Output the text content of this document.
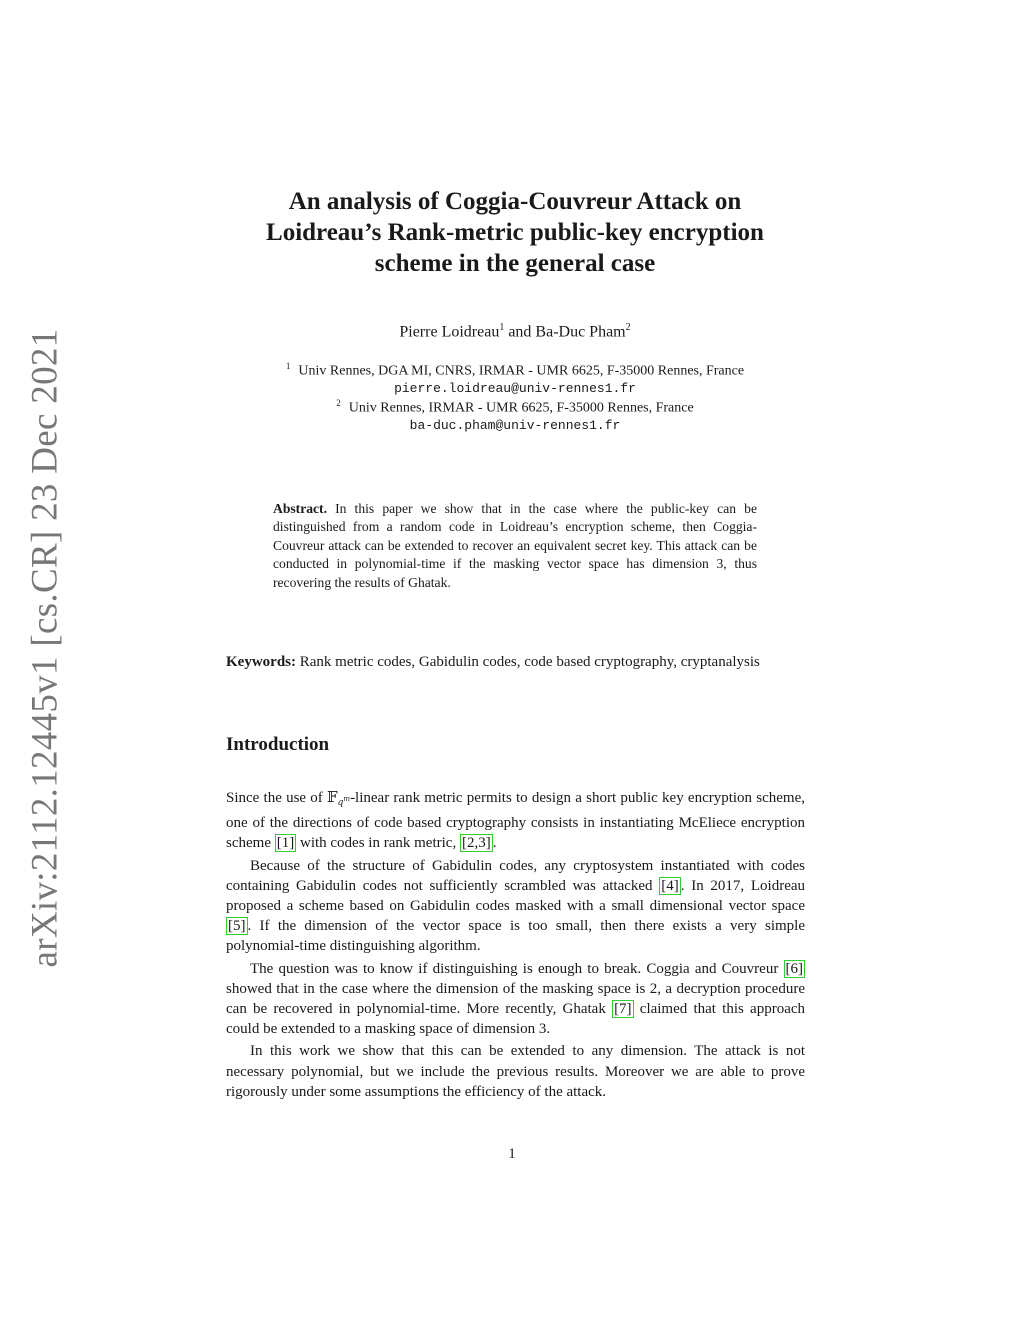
arXiv:2112.12445v1 [cs.CR] 23 Dec 2021
An analysis of Coggia-Couvreur Attack on
Loidreau’s Rank-metric public-key encryption
scheme in the general case
Pierre Loidreau$^1$ and Ba-Duc Pham$^2$
$^1$ Univ Rennes, DGA MI, CNRS, IRMAR - UMR 6625, F-35000 Rennes, France
pierre.loidreau@univ-rennes1.fr
$^2$ Univ Rennes, IRMAR - UMR 6625, F-35000 Rennes, France
ba-duc.pham@univ-rennes1.fr
Abstract. In this paper we show that in the case where the public-key can be distinguished from a random code in Loidreau’s encryption scheme, then Coggia-Couvreur attack can be extended to recover an equivalent secret key. This attack can be conducted in polynomial-time if the masking vector space has dimension 3, thus recovering the results of Ghatak.
Keywords: Rank metric codes, Gabidulin codes, code based cryptography, cryptanalysis
Introduction

Since the use of 𝔽$_{q^m}$-linear rank metric permits to design a short public key encryption scheme, one of the directions of code based cryptography consists in instantiating McEliece encryption scheme [1] with codes in rank metric, [2,3] .

Because of the structure of Gabidulin codes, any cryptosystem instantiated with codes containing Gabidulin codes not sufficiently scrambled was attacked [4] . In 2017, Loidreau proposed a scheme based on Gabidulin codes masked with a small dimensional vector space [5] . If the dimension of the vector space is too small, then there exists a very simple polynomial-time distinguishing algorithm.

The question was to know if distinguishing is enough to break. Coggia and Couvreur [6] showed that in the case where the dimension of the masking space is 2, a decryption procedure can be recovered in polynomial-time. More recently, Ghatak [7] claimed that this approach could be extended to a masking space of dimension 3.

In this work we show that this can be extended to any dimension. The attack is not necessary polynomial, but we include the previous results. Moreover we are able to prove rigorously under some assumptions the efficiency of the attack.

1
